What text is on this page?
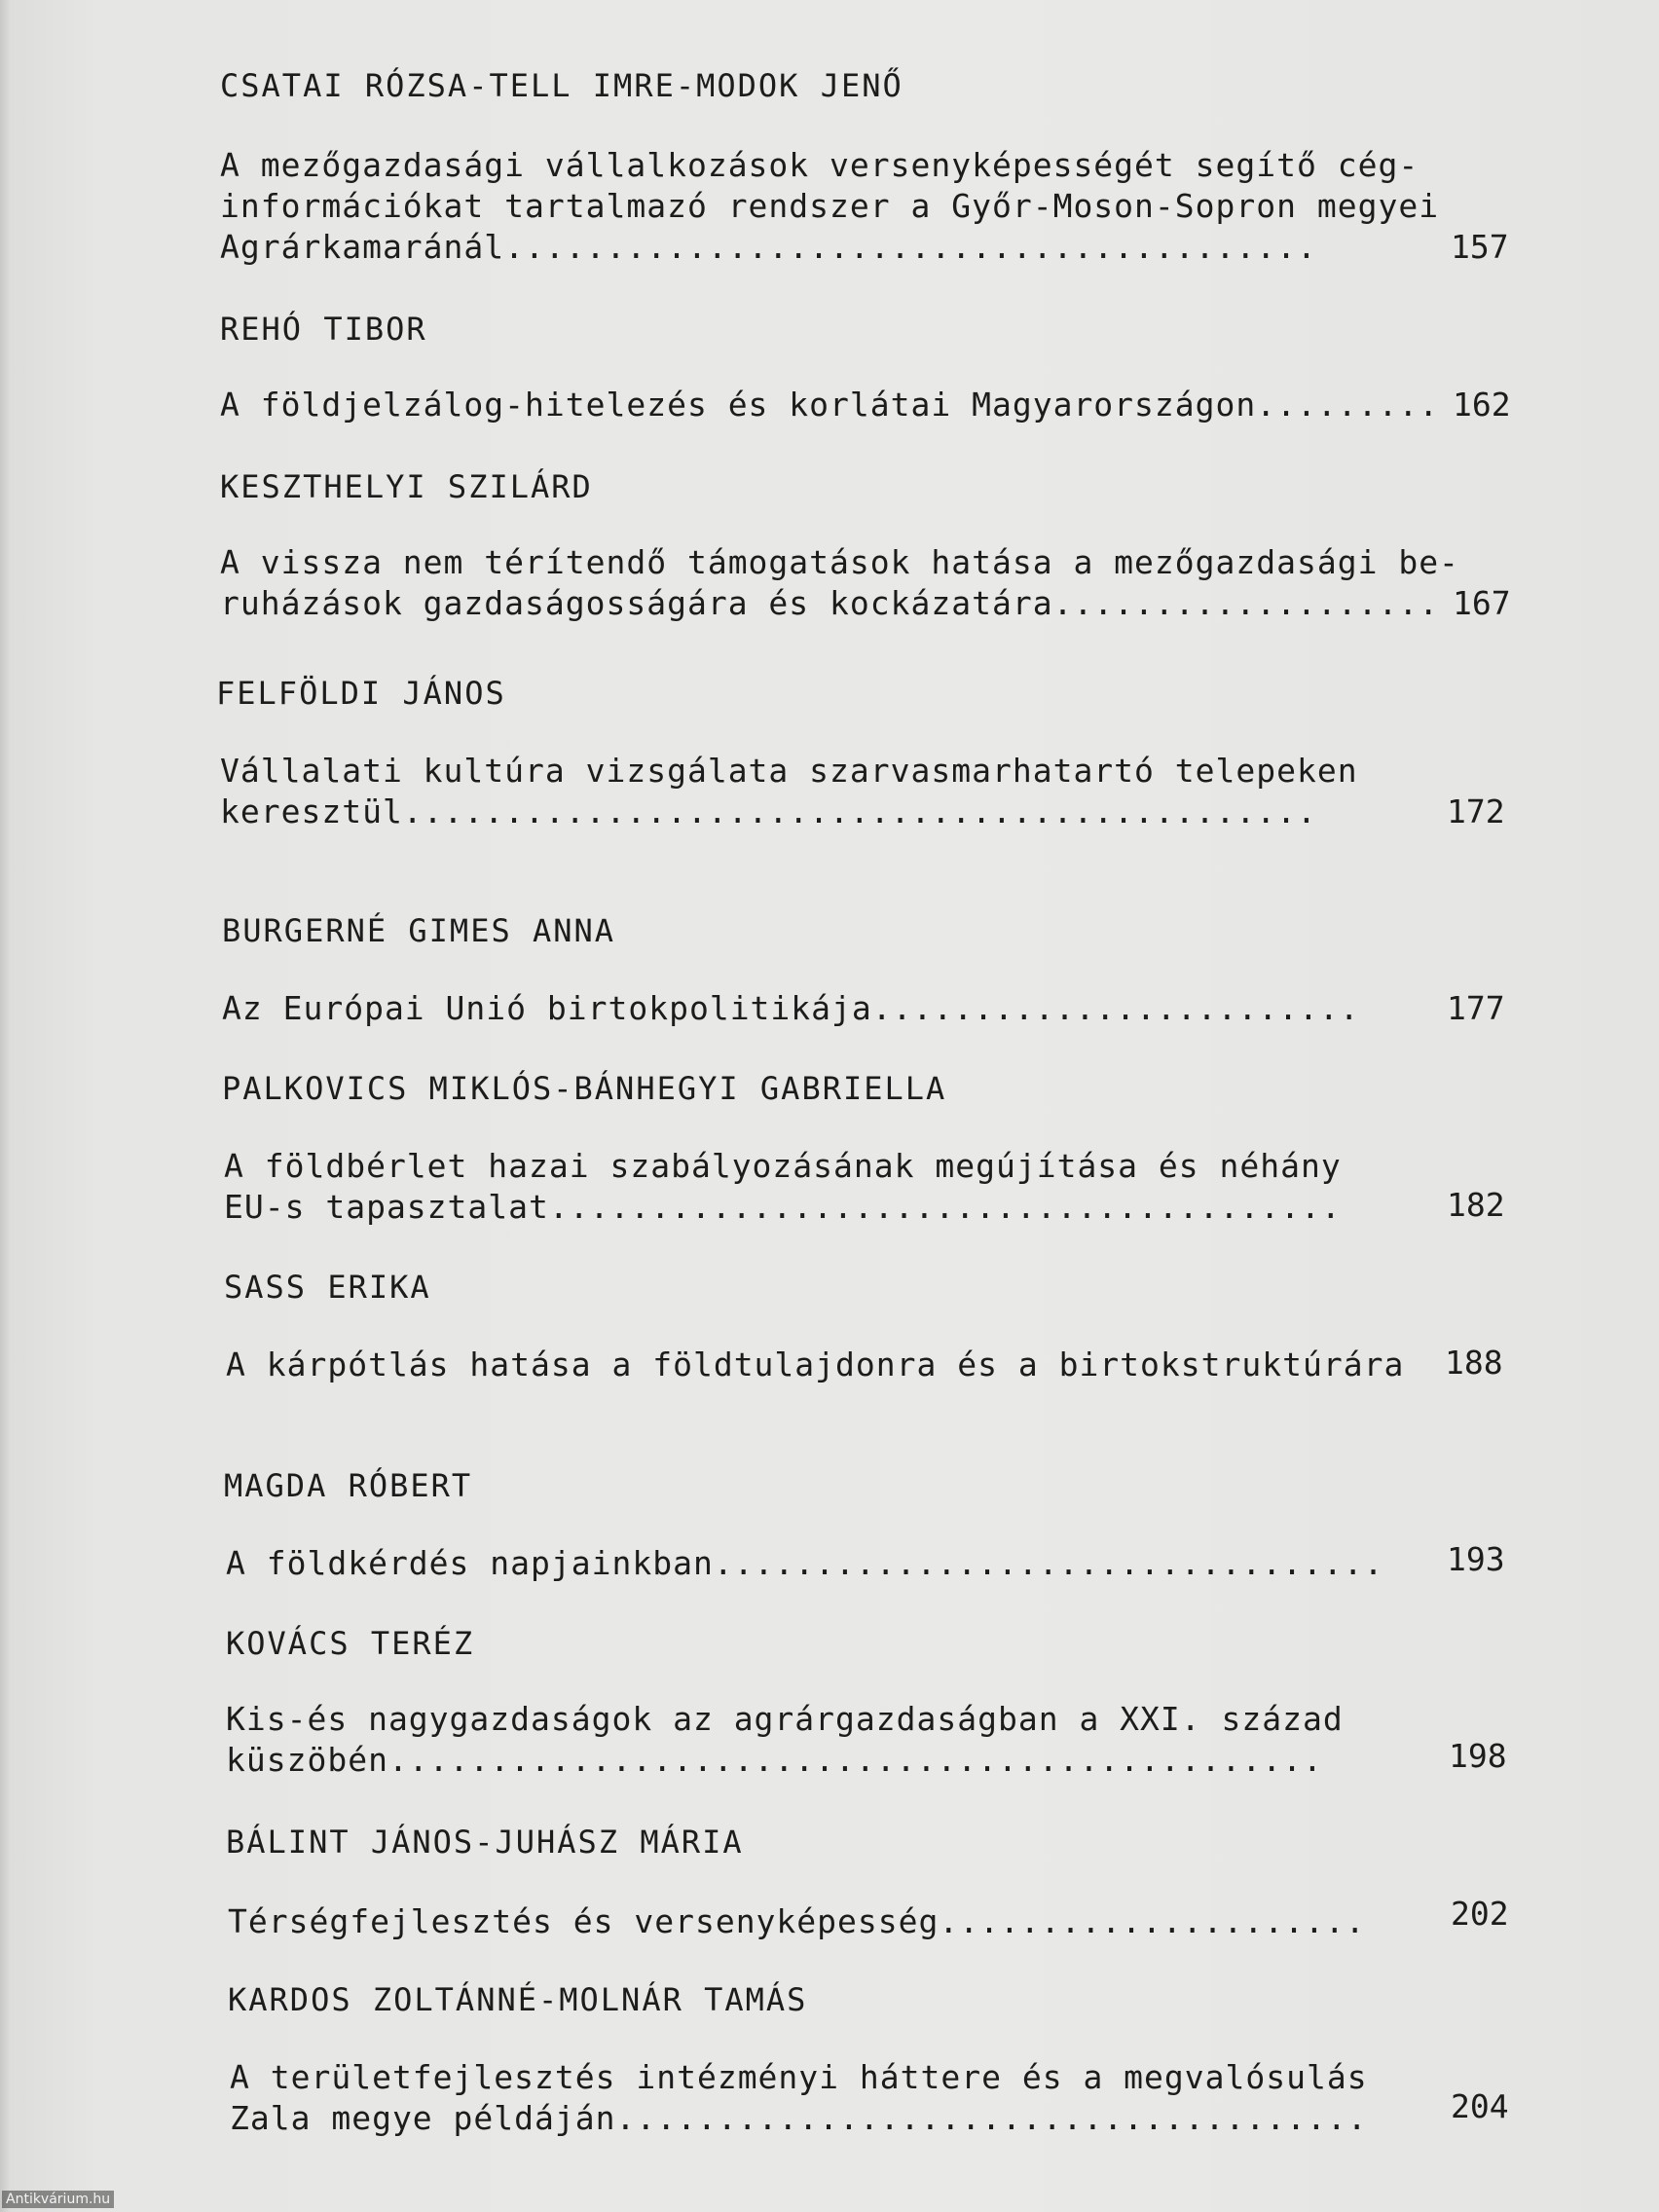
CSATAI RÓZSA-TELL IMRE-MODOK JENŐ
A mezőgazdasági vállalkozások versenyképességét segítő cég-
információkat tartalmazó rendszer a Győr-Moson-Sopron megyei
Agrárkamaránál........................................	157
REHÓ TIBOR
A földjelzálog-hitelezés és korlátai Magyarországon......... 162
KESZTHELYI SZILÁRD
A vissza nem térítendő támogatások hatása a mezőgazdasági be-
ruházások gazdaságosságára és kockázatára................... 167
FELFÖLDI JÁNOS
Vállalati kultúra vizsgálata szarvasmarhatartó telepeken
keresztül.............................................	172
BURGERNÉ GIMES ANNA
Az Európai Unió birtokpolitikája........................	177
PALKOVICS MIKLÓS-BÁNHEGYI GABRIELLA
A földbérlet hazai szabályozásának megújítása és néhány
EU-s tapasztalat.......................................	182
SASS ERIKA
A kárpótlás hatása a földtulajdonra és a birtokstruktúrára 188
MAGDA RÓBERT
A földkérdés napjainkban................................. 193
KOVÁCS TERÉZ
Kis-és nagygazdaságok az agrárgazdaságban a XXI. század
küszöbén..............................................	198
BÁLINT JÁNOS-JUHÁSZ MÁRIA
Térségfejlesztés és versenyképesség.....................	202
KARDOS ZOLTÁNNÉ-MOLNÁR TAMÁS
A területfejlesztés intézményi háttere és a megvalósulás
Zala megye példáján.....................................	204
Antikvárium.hu
